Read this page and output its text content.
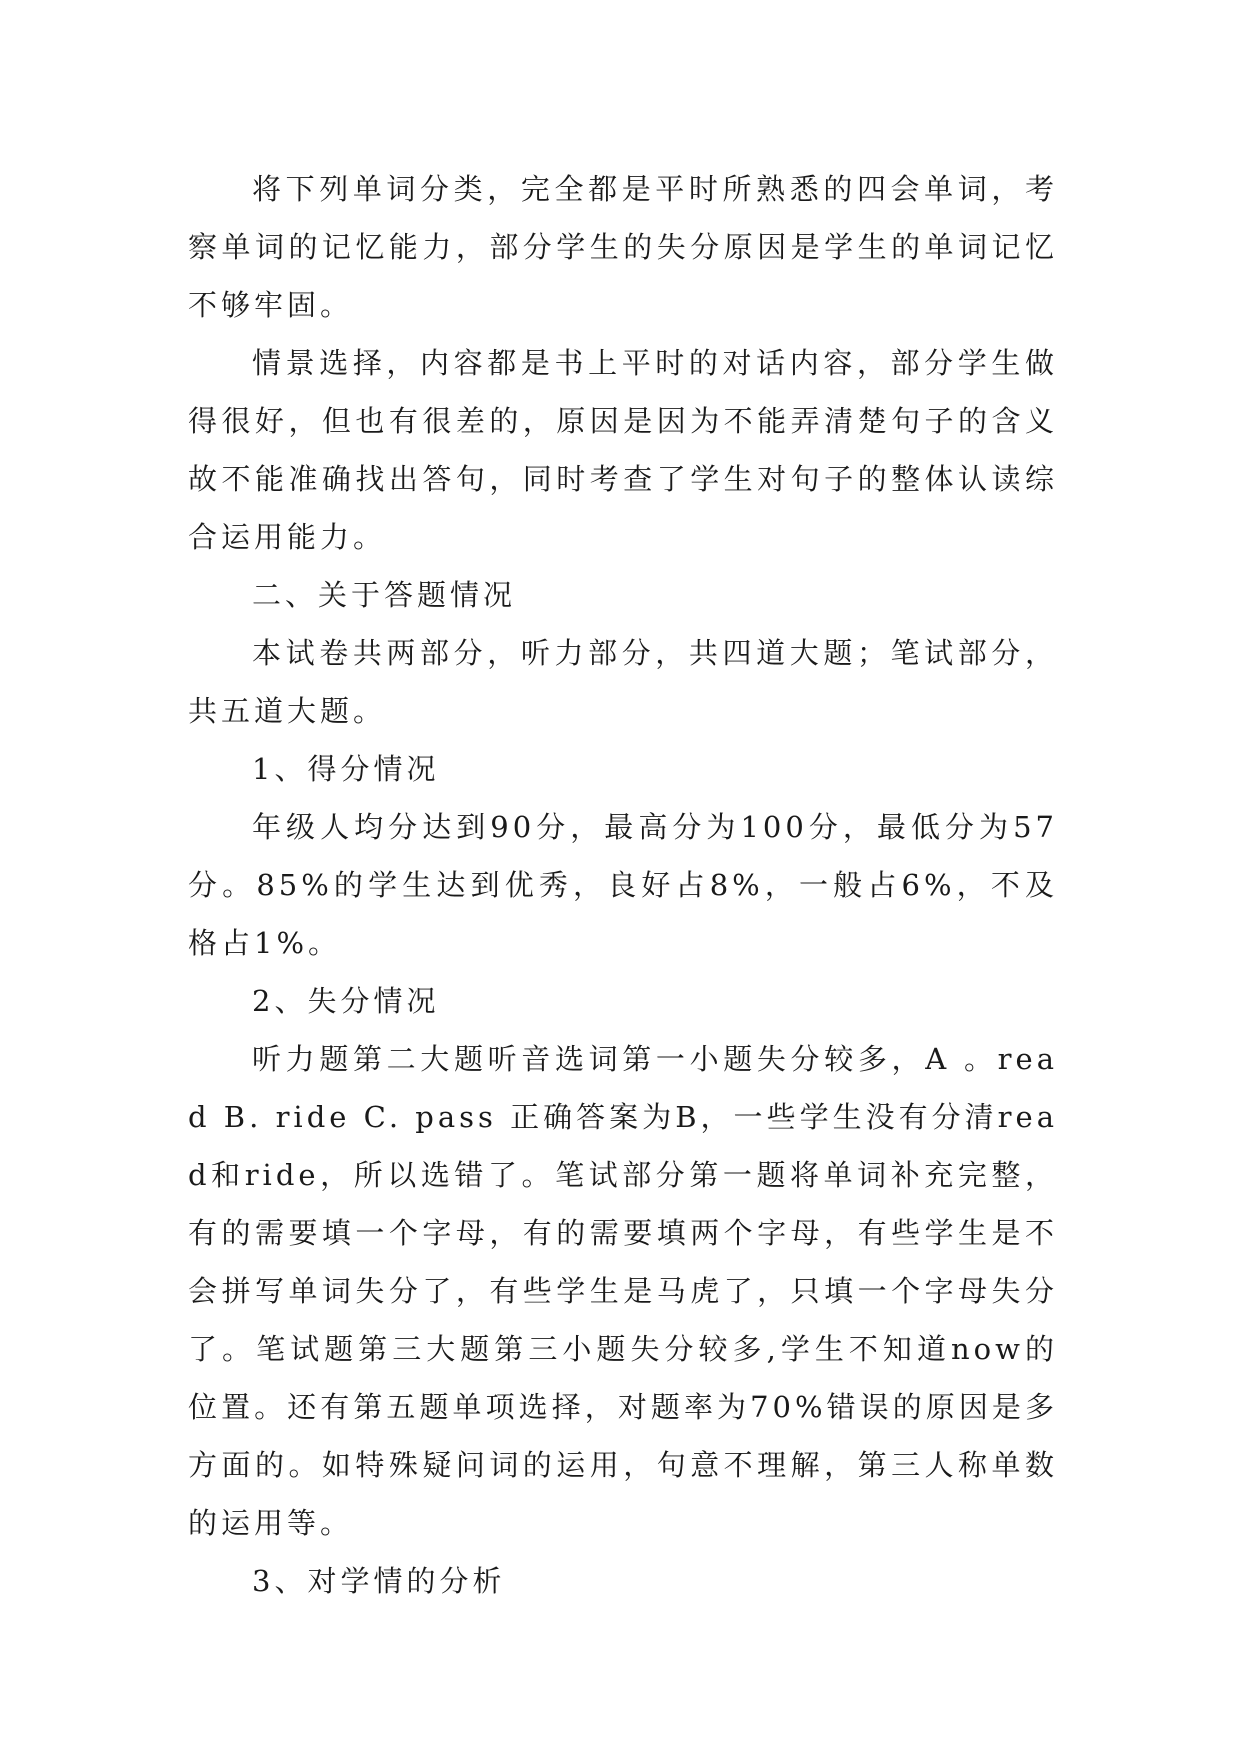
将下列单词分类，完全都是平时所熟悉的四会单词，考察单词的记忆能力，部分学生的失分原因是学生的单词记忆不够牢固。

情景选择，内容都是书上平时的对话内容，部分学生做得很好，但也有很差的，原因是因为不能弄清楚句子的含义故不能准确找出答句，同时考查了学生对句子的整体认读综合运用能力。

二、关于答题情况

本试卷共两部分，听力部分，共四道大题；笔试部分，共五道大题。

1、得分情况

年级人均分达到90分，最高分为100分，最低分为57分。85%的学生达到优秀，良好占8%，一般占6%，不及格占1%。

2、失分情况

听力题第二大题听音选词第一小题失分较多，A 。read B. ride C. pass 正确答案为B，一些学生没有分清read和ride，所以选错了。笔试部分第一题将单词补充完整，有的需要填一个字母，有的需要填两个字母，有些学生是不会拼写单词失分了，有些学生是马虎了，只填一个字母失分了。笔试题第三大题第三小题失分较多,学生不知道now的位置。还有第五题单项选择，对题率为70%错误的原因是多方面的。如特殊疑问词的运用，句意不理解，第三人称单数的运用等。

3、对学情的分析
